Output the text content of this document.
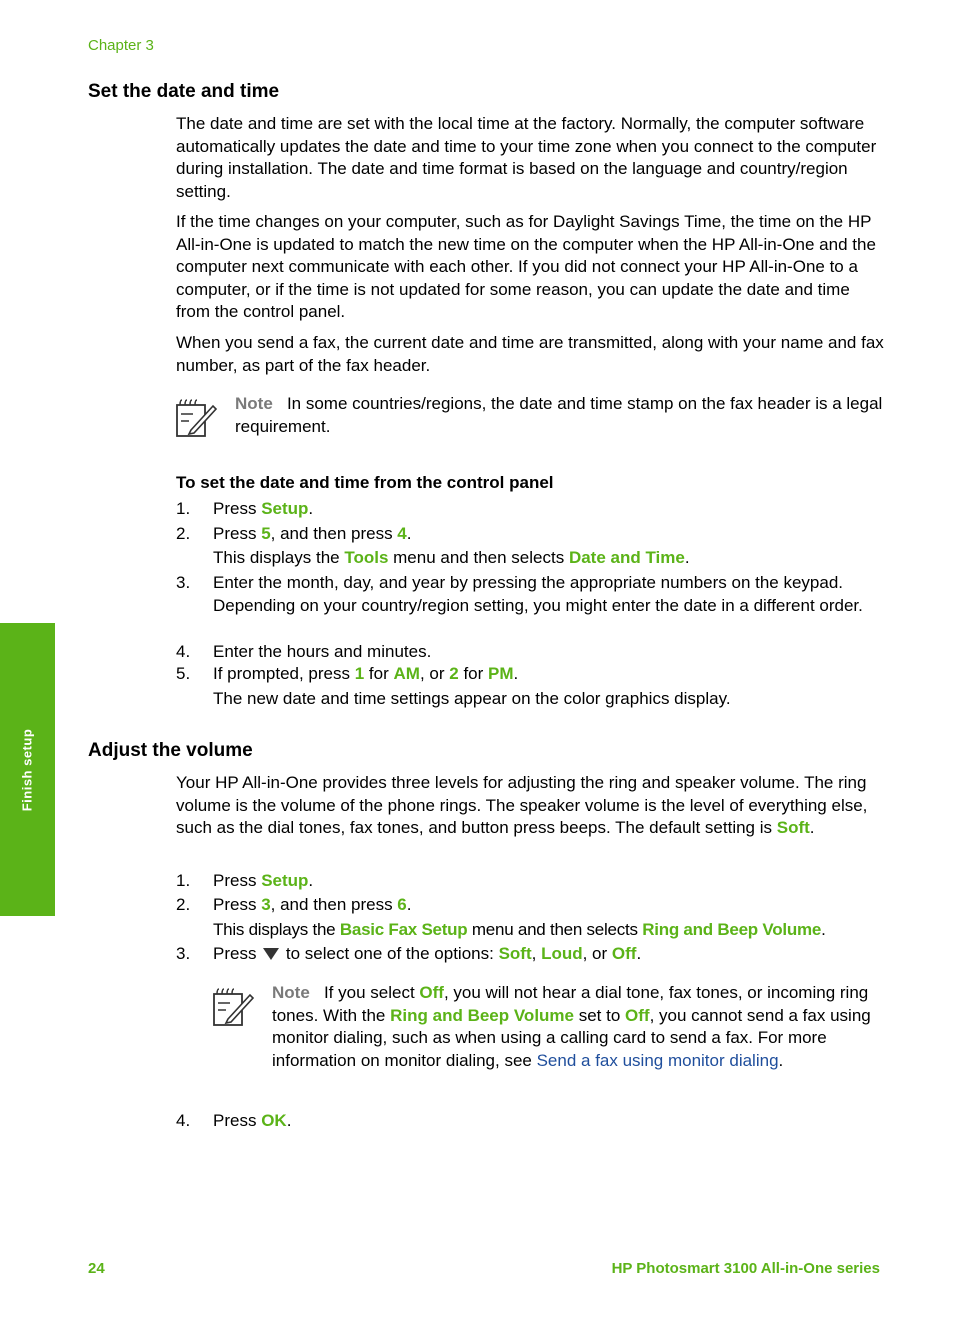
Chapter 3
Set the date and time

The date and time are set with the local time at the factory. Normally, the computer software automatically updates the date and time to your time zone when you connect to the computer during installation. The date and time format is based on the language and country/region setting.

If the time changes on your computer, such as for Daylight Savings Time, the time on the HP All-in-One is updated to match the new time on the computer when the HP All-in-One and the computer next communicate with each other. If you did not connect your HP All-in-One to a computer, or if the time is not updated for some reason, you can update the date and time from the control panel.

When you send a fax, the current date and time are transmitted, along with your name and fax number, as part of the fax header.

Note In some countries/regions, the date and time stamp on the fax header is a legal requirement.

To set the date and time from the control panel
1. Press Setup.
2. Press 5, and then press 4.
This displays the Tools menu and then selects Date and Time.
3. Enter the month, day, and year by pressing the appropriate numbers on the keypad. Depending on your country/region setting, you might enter the date in a different order.
4. Enter the hours and minutes.
5. If prompted, press 1 for AM, or 2 for PM.
The new date and time settings appear on the color graphics display.
Adjust the volume

Your HP All-in-One provides three levels for adjusting the ring and speaker volume. The ring volume is the volume of the phone rings. The speaker volume is the level of everything else, such as the dial tones, fax tones, and button press beeps. The default setting is Soft.

1. Press Setup.
2. Press 3, and then press 6.
This displays the Basic Fax Setup menu and then selects Ring and Beep Volume.
3. Press  to select one of the options: Soft, Loud, or Off.

Note If you select Off, you will not hear a dial tone, fax tones, or incoming ring tones. With the Ring and Beep Volume set to Off, you cannot send a fax using monitor dialing, such as when using a calling card to send a fax. For more information on monitor dialing, see Send a fax using monitor dialing.

4. Press OK.
Finish setup
24	HP Photosmart 3100 All-in-One series
